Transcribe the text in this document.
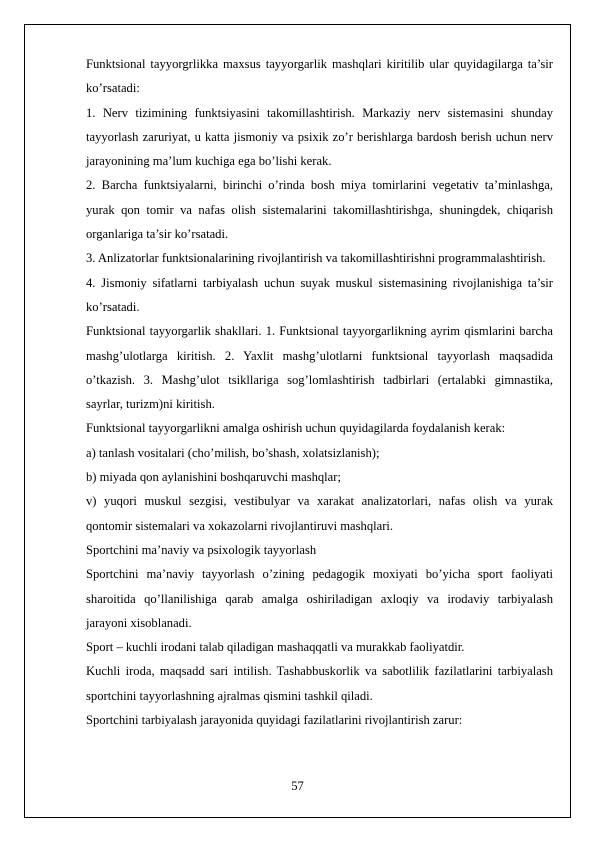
Funktsional tayyorgrlikka maxsus tayyorgarlik mashqlari kiritilib ular quyidagilarga ta’sir ko’rsatadi:

1. Nerv tizimining funktsiyasini takomillashtirish. Markaziy nerv sistemasini shunday tayyorlash zaruriyat, u katta jismoniy va psixik zo’r berishlarga bardosh berish uchun nerv jarayonining ma’lum kuchiga ega bo’lishi kerak.

2. Barcha funktsiyalarni, birinchi o’rinda bosh miya tomirlarini vegetativ ta’minlashga, yurak qon tomir va nafas olish sistemalarini takomillashtirishga, shuningdek, chiqarish organlariga ta’sir ko’rsatadi.

3. Anlizatorlar funktsionalarining rivojlantirish va takomillashtirishni programmalashtirish.

4. Jismoniy sifatlarni tarbiyalash uchun suyak muskul sistemasining rivojlanishiga ta’sir ko’rsatadi.

Funktsional tayyorgarlik shakllari. 1. Funktsional tayyorgarlikning ayrim qismlarini barcha mashg’ulotlarga kiritish. 2. Yaxlit mashg’ulotlarni funktsional tayyorlash maqsadida o’tkazish. 3. Mashg’ulot tsikllariga sog’lomlashtirish tadbirlari (ertalabki gimnastika, sayrlar, turizm)ni kiritish.

Funktsional tayyorgarlikni amalga oshirish uchun quyidagilarda foydalanish kerak:

a) tanlash vositalari (cho’milish, bo’shash, xolatsizlanish);

b) miyada qon aylanishini boshqaruvchi mashqlar;

v) yuqori muskul sezgisi, vestibulyar va xarakat analizatorlari, nafas olish va yurak qontomir sistemalari va xokazolarni rivojlantiruvi mashqlari.

Sportchini ma’naviy va psixologik tayyorlash

Sportchini ma’naviy tayyorlash o’zining pedagogik moxiyati bo’yicha sport faoliyati sharoitida qo’llanilishiga qarab amalga oshiriladigan axloqiy va irodaviy tarbiyalash jarayoni xisoblanadi.

Sport – kuchli irodani talab qiladigan mashaqqatli va murakkab faoliyatdir.

Kuchli iroda, maqsadd sari intilish. Tashabbuskorlik va sabotlilik fazilatlarini tarbiyalash sportchini tayyorlashning ajralmas qismini tashkil qiladi.

Sportchini tarbiyalash jarayonida quyidagi fazilatlarini rivojlantirish zarur:

57
